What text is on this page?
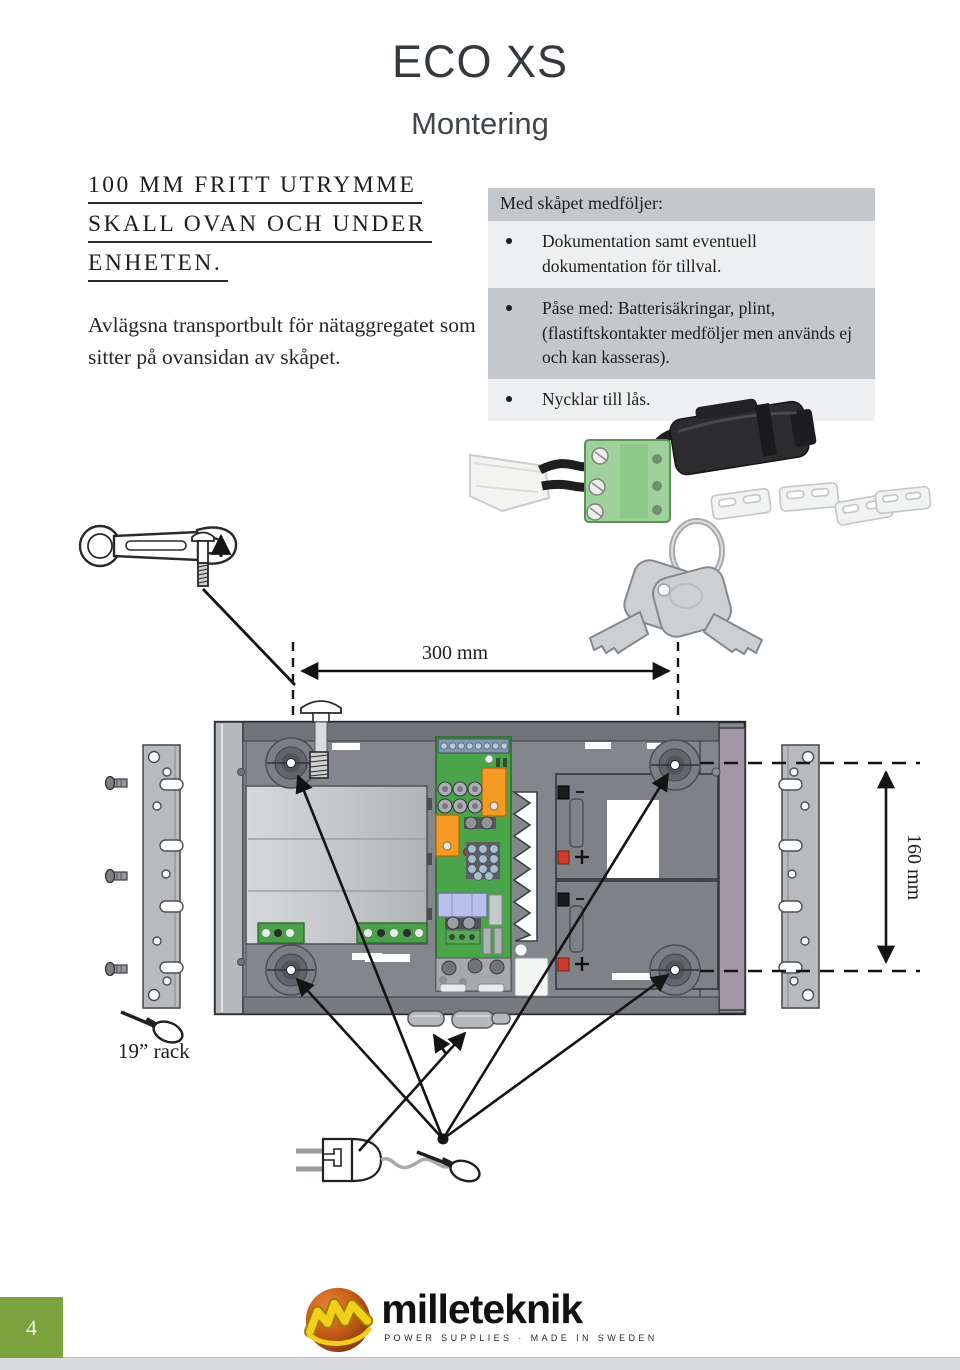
ECO XS
Montering
100 MM FRITT UTRYMME
SKALL OVAN OCH UNDER
ENHETEN.
Avlägsna transportbult för nätaggregatet som sitter på ovansidan av skåpet.
Med skåpet medföljer:
Dokumentation samt eventuell dokumentation för tillval.
Påse med: Batterisäkringar, plint, (flastiftskontakter medföljer men används ej och kan kasseras).
Nycklar till lås.
300 mm
160 mm
19” rack
4	milleteknik
POWER SUPPLIES · MADE IN SWEDEN
